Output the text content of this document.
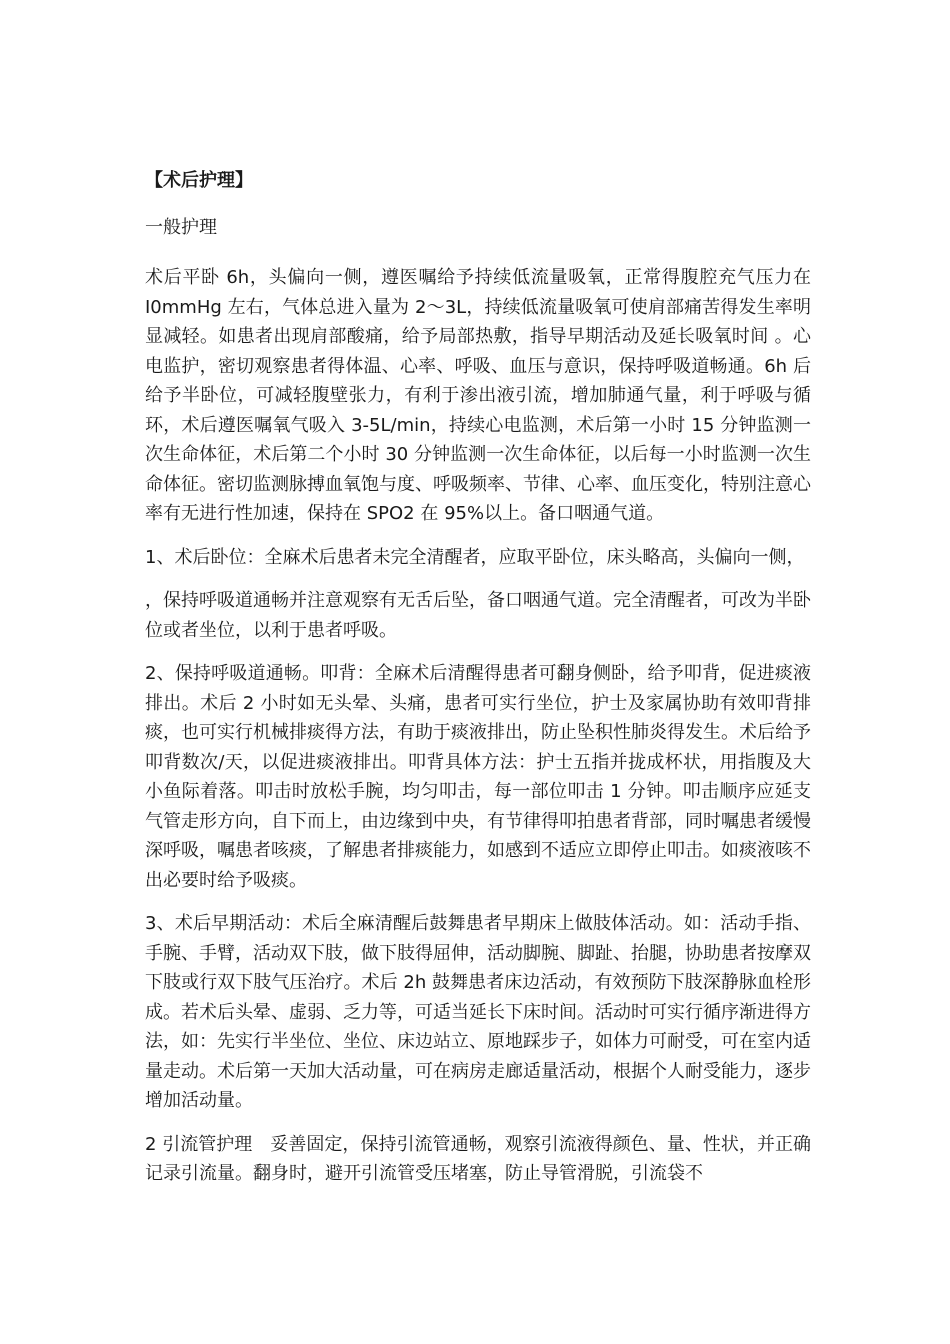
【术后护理】

一般护理

术后平卧 6h，头偏向一侧，遵医嘱给予持续低流量吸氧，正常得腹腔充气压力在 I0mmHg 左右，气体总进入量为 2～3L，持续低流量吸氧可使肩部痛苦得发生率明显减轻。如患者出现肩部酸痛，给予局部热敷，指导早期活动及延长吸氧时间 。心电监护，密切观察患者得体温、心率、呼吸、血压与意识，保持呼吸道畅通。6h 后给予半卧位，可减轻腹壁张力，有利于渗出液引流，增加肺通气量，利于呼吸与循环，术后遵医嘱氧气吸入 3-5L/min，持续心电监测，术后第一小时 15 分钟监测一次生命体征，术后第二个小时 30 分钟监测一次生命体征，以后每一小时监测一次生命体征。密切监测脉搏血氧饱与度、呼吸频率、节律、心率、血压变化，特别注意心率有无进行性加速，保持在 SPO2 在 95%以上。备口咽通气道。

1、术后卧位：全麻术后患者未完全清醒者，应取平卧位，床头略高，头偏向一侧，

，保持呼吸道通畅并注意观察有无舌后坠，备口咽通气道。完全清醒者，可改为半卧位或者坐位，以利于患者呼吸。

2、保持呼吸道通畅。叩背：全麻术后清醒得患者可翻身侧卧，给予叩背，促进痰液排出。术后 2 小时如无头晕、头痛，患者可实行坐位，护士及家属协助有效叩背排痰，也可实行机械排痰得方法，有助于痰液排出，防止坠积性肺炎得发生。术后给予叩背数次/天，以促进痰液排出。叩背具体方法：护士五指并拢成杯状，用指腹及大小鱼际着落。叩击时放松手腕，均匀叩击，每一部位叩击 1 分钟。叩击顺序应延支气管走形方向，自下而上，由边缘到中央，有节律得叩拍患者背部，同时嘱患者缓慢深呼吸，嘱患者咳痰，了解患者排痰能力，如感到不适应立即停止叩击。如痰液咳不出必要时给予吸痰。

3、术后早期活动：术后全麻清醒后鼓舞患者早期床上做肢体活动。如：活动手指、手腕、手臂，活动双下肢，做下肢得屈伸，活动脚腕、脚趾、抬腿，协助患者按摩双下肢或行双下肢气压治疗。术后 2h 鼓舞患者床边活动，有效预防下肢深静脉血栓形成。若术后头晕、虚弱、乏力等，可适当延长下床时间。活动时可实行循序渐进得方法，如：先实行半坐位、坐位、床边站立、原地踩步子，如体力可耐受，可在室内适量走动。术后第一天加大活动量，可在病房走廊适量活动，根据个人耐受能力，逐步增加活动量。

2 引流管护理　妥善固定，保持引流管通畅，观察引流液得颜色、量、性状，并正确记录引流量。翻身时，避开引流管受压堵塞，防止导管滑脱，引流袋不
